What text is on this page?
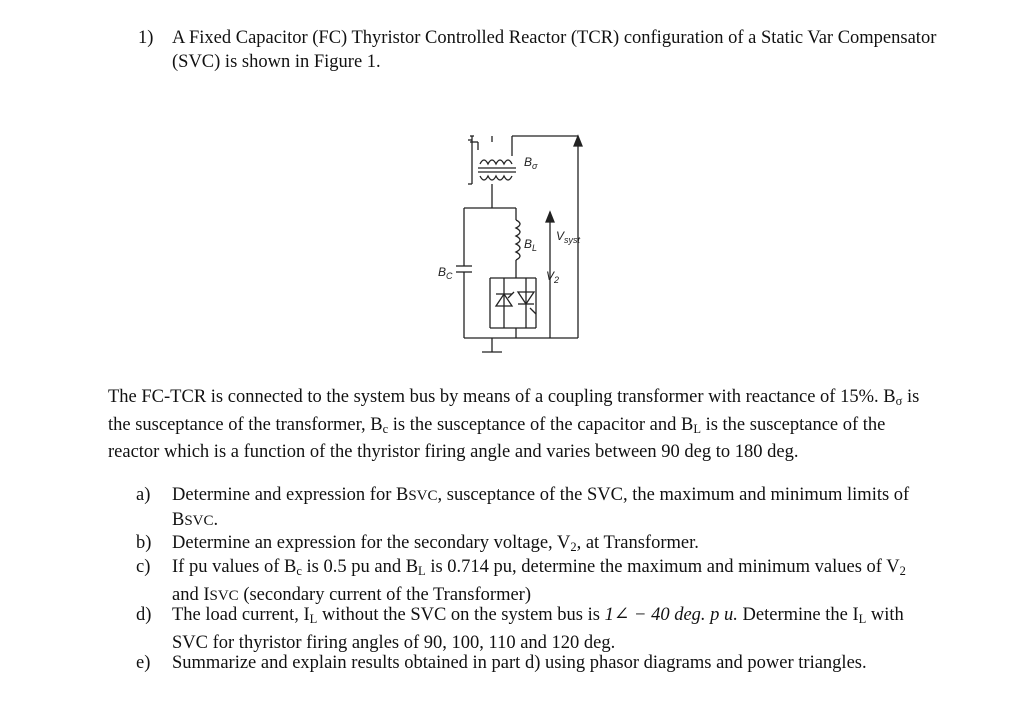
1) A Fixed Capacitor (FC) Thyristor Controlled Reactor (TCR) configuration of a Static Var Compensator (SVC) is shown in Figure 1.
$B_\sigma$
$B_L$
$V_{syst}$
$V_2$
$B_C$
The FC-TCR is connected to the system bus by means of a coupling transformer with reactance of 15%. $B_\sigma$ is the susceptance of the transformer, $B_c$ is the susceptance of the capacitor and $B_L$ is the susceptance of the reactor which is a function of the thyristor firing angle and varies between 90 deg to 180 deg.
a) Determine and expression for BSVC, susceptance of the SVC, the maximum and minimum limits of BSVC.
b) Determine an expression for the secondary voltage, $V_2$, at Transformer.
c) If pu values of $B_c$ is 0.5 pu and $B_L$ is 0.714 pu, determine the maximum and minimum values of $V_2$ and ISVC (secondary current of the Transformer)
d) The load current, $I_L$ without the SVC on the system bus is 1∠ − 40 deg. p u. Determine the $I_L$ with SVC for thyristor firing angles of 90, 100, 110 and 120 deg.
e) Summarize and explain results obtained in part d) using phasor diagrams and power triangles.
